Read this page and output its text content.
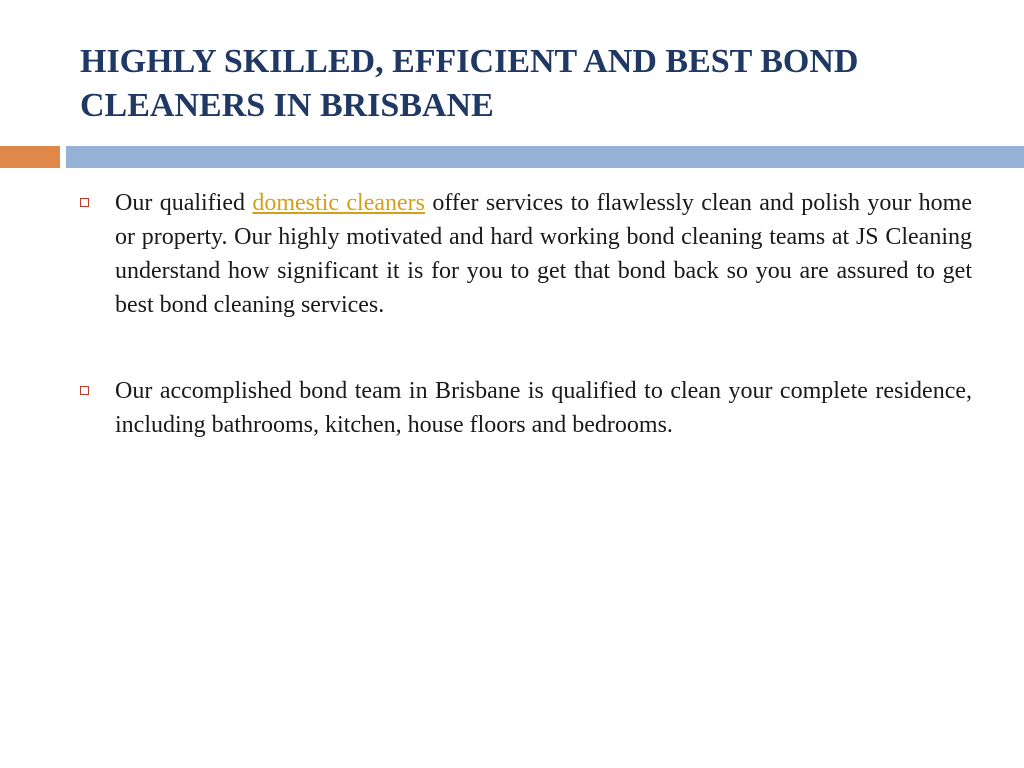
HIGHLY SKILLED, EFFICIENT AND BEST BOND
CLEANERS IN BRISBANE
Our qualified domestic cleaners offer services to flawlessly clean and polish your home or property. Our highly motivated and hard working bond cleaning teams at JS Cleaning understand how significant it is for you to get that bond back so you are assured to get best bond cleaning services.
Our accomplished bond team in Brisbane is qualified to clean your complete residence, including bathrooms, kitchen, house floors and bedrooms.
